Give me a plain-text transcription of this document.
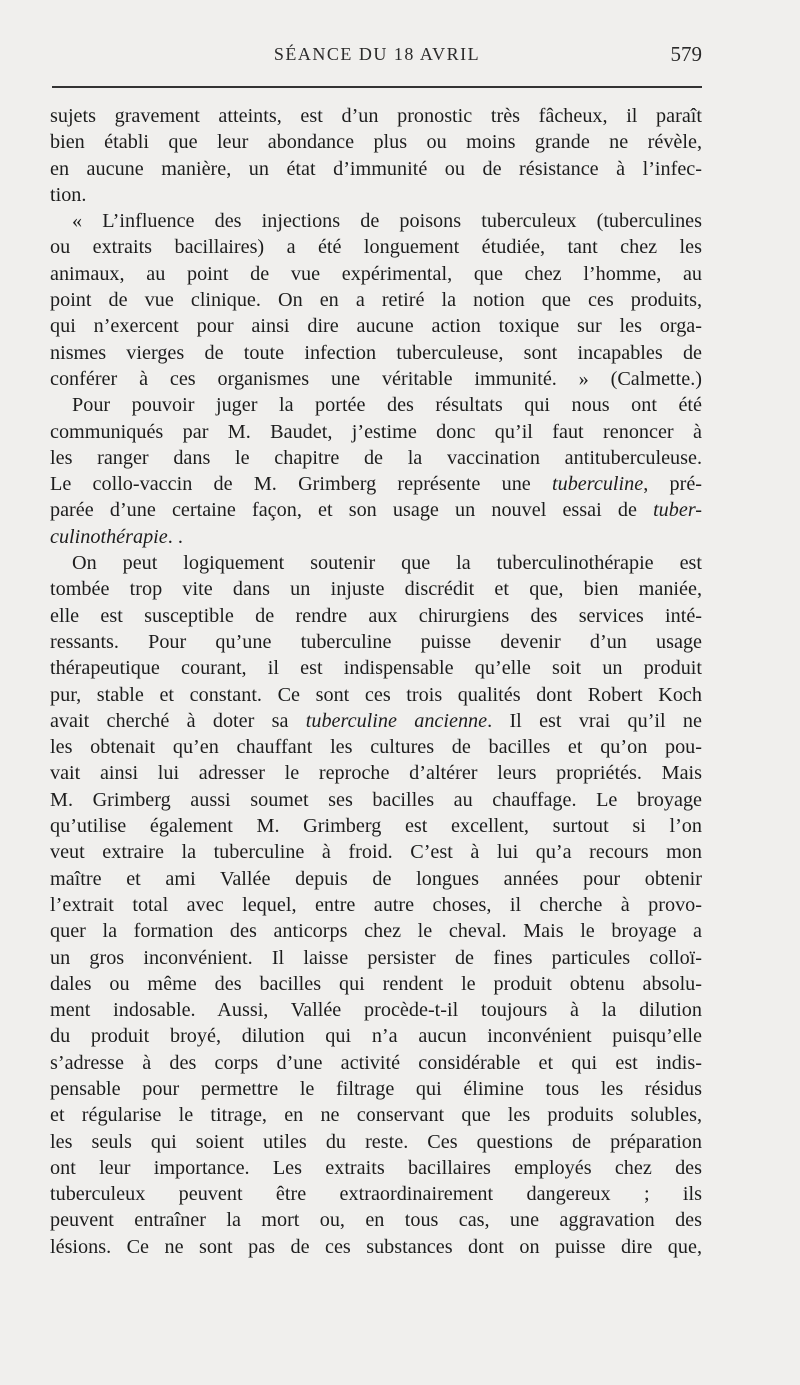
SÉANCE DU 18 AVRIL	579
sujets gravement atteints, est d’un pronostic très fâcheux, il paraît
bien établi que leur abondance plus ou moins grande ne révèle,
en aucune manière, un état d’immunité ou de résistance à l’infec-
tion.
« L’influence des injections de poisons tuberculeux (tuberculines
ou extraits bacillaires) a été longuement étudiée, tant chez les
animaux, au point de vue expérimental, que chez l’homme, au
point de vue clinique. On en a retiré la notion que ces produits,
qui n’exercent pour ainsi dire aucune action toxique sur les orga-
nismes vierges de toute infection tuberculeuse, sont incapables de
conférer à ces organismes une véritable immunité. » (Calmette.)
Pour pouvoir juger la portée des résultats qui nous ont été
communiqués par M. Baudet, j’estime donc qu’il faut renoncer à
les ranger dans le chapitre de la vaccination antituberculeuse.
Le collo-vaccin de M. Grimberg représente une tuberculine, pré-
parée d’une certaine façon, et son usage un nouvel essai de tuber-
culinothérapie. .
On peut logiquement soutenir que la tuberculinothérapie est
tombée trop vite dans un injuste discrédit et que, bien maniée,
elle est susceptible de rendre aux chirurgiens des services inté-
ressants. Pour qu’une tuberculine puisse devenir d’un usage
thérapeutique courant, il est indispensable qu’elle soit un produit
pur, stable et constant. Ce sont ces trois qualités dont Robert Koch
avait cherché à doter sa tuberculine ancienne. Il est vrai qu’il ne
les obtenait qu’en chauffant les cultures de bacilles et qu’on pou-
vait ainsi lui adresser le reproche d’altérer leurs propriétés. Mais
M. Grimberg aussi soumet ses bacilles au chauffage. Le broyage
qu’utilise également M. Grimberg est excellent, surtout si l’on
veut extraire la tuberculine à froid. C’est à lui qu’a recours mon
maître et ami Vallée depuis de longues années pour obtenir
l’extrait total avec lequel, entre autre choses, il cherche à provo-
quer la formation des anticorps chez le cheval. Mais le broyage a
un gros inconvénient. Il laisse persister de fines particules colloï-
dales ou même des bacilles qui rendent le produit obtenu absolu-
ment indosable. Aussi, Vallée procède-t-il toujours à la dilution
du produit broyé, dilution qui n’a aucun inconvénient puisqu’elle
s’adresse à des corps d’une activité considérable et qui est indis-
pensable pour permettre le filtrage qui élimine tous les résidus
et régularise le titrage, en ne conservant que les produits solubles,
les seuls qui soient utiles du reste. Ces questions de préparation
ont leur importance. Les extraits bacillaires employés chez des
tuberculeux peuvent être extraordinairement dangereux ; ils
peuvent entraîner la mort ou, en tous cas, une aggravation des
lésions. Ce ne sont pas de ces substances dont on puisse dire que,
